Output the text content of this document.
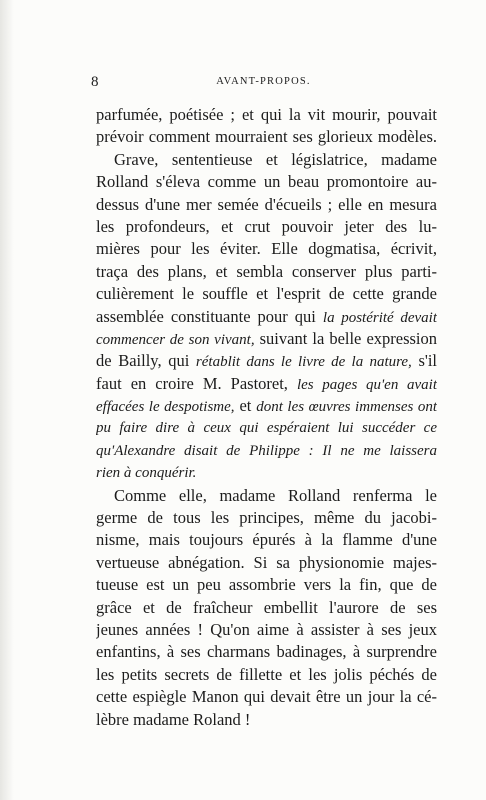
8	AVANT-PROPOS.
parfumée, poétisée ; et qui la vit mourir, pouvait
prévoir comment mourraient ses glorieux modèles.
Grave, sententieuse et législatrice, madame
Rolland s'éleva comme un beau promontoire au-
dessus d'une mer semée d'écueils ; elle en mesura
les profondeurs, et crut pouvoir jeter des lu-
mières pour les éviter. Elle dogmatisa, écrivit,
traça des plans, et sembla conserver plus parti-
culièrement le souffle et l'esprit de cette grande
assemblée constituante pour qui la postérité devait
commencer de son vivant, suivant la belle expression
de Bailly, qui rétablit dans le livre de la nature, s'il
faut en croire M. Pastoret, les pages qu'en avait
effacées le despotisme, et dont les œuvres immenses ont
pu faire dire à ceux qui espéraient lui succéder ce
qu'Alexandre disait de Philippe : Il ne me laissera
rien à conquérir.
Comme elle, madame Rolland renferma le
germe de tous les principes, même du jacobi-
nisme, mais toujours épurés à la flamme d'une
vertueuse abnégation. Si sa physionomie majes-
tueuse est un peu assombrie vers la fin, que de
grâce et de fraîcheur embellit l'aurore de ses
jeunes années ! Qu'on aime à assister à ses jeux
enfantins, à ses charmans badinages, à surprendre
les petits secrets de fillette et les jolis péchés de
cette espiègle Manon qui devait être un jour la cé-
lèbre madame Roland !
